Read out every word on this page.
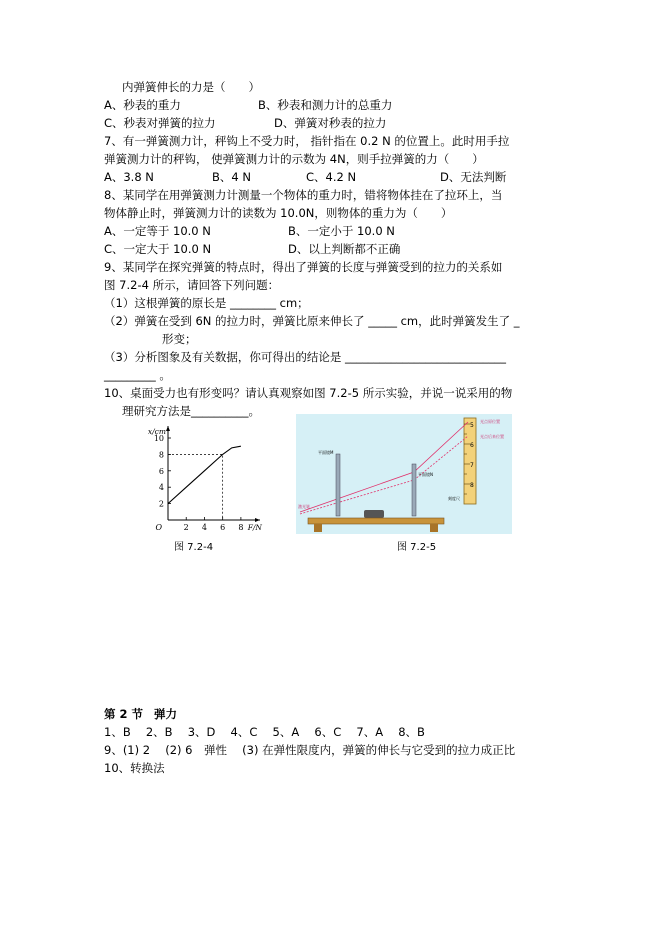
内弹簧伸长的力是（　　）
A、秒表的重力	B、秒表和测力计的总重力
C、秒表对弹簧的拉力	D、弹簧对秒表的拉力
7、有一弹簧测力计，秤钩上不受力时， 指针指在 0.2 N 的位置上。此时用手拉
弹簧测力计的秤钩， 使弹簧测力计的示数为 4N，则手拉弹簧的力（　　）
A、3.8 N	B、4 N	C、4.2 N	D、无法判断
8、某同学在用弹簧测力计测量一个物体的重力时，错将物体挂在了拉环上，当
物体静止时，弹簧测力计的读数为 10.0N，则物体的重力为（　　）
A、一定等于 10.0 N	B、一定小于 10.0 N
C、一定大于 10.0 N	D、以上判断都不正确
9、某同学在探究弹簧的特点时，得出了弹簧的长度与弹簧受到的拉力的关系如
图 7.2-4 所示，请回答下列问题：
（1）这根弹簧的原长是 ________ cm；
（2）弹簧在受到 6N 的拉力时，弹簧比原来伸长了 _____ cm，此时弹簧发生了 _
形变；
（3）分析图象及有关数据，你可得出的结论是 ____________________________
_________ 。
10、桌面受力也有形变吗？请认真观察如图 7.2-5 所示实验，并说一说采用的物
理研究方法是__________。
2 4 6 8
2
4
6
8
10
O
x/cm
F/N
图 7.2-4
5
6
7
8
光点原位置
光点后来位置
刻度尺
激光笔
平面镜M
平面镜N
图 7.2-5
第 2 节 弹力
1、B　 2、B　 3、D　 4、C　 5、A　 6、C　 7、A　 8、B
9、(1) 2　 (2) 6　弹性　 (3) 在弹性限度内，弹簧的伸长与它受到的拉力成正比
10、转换法
